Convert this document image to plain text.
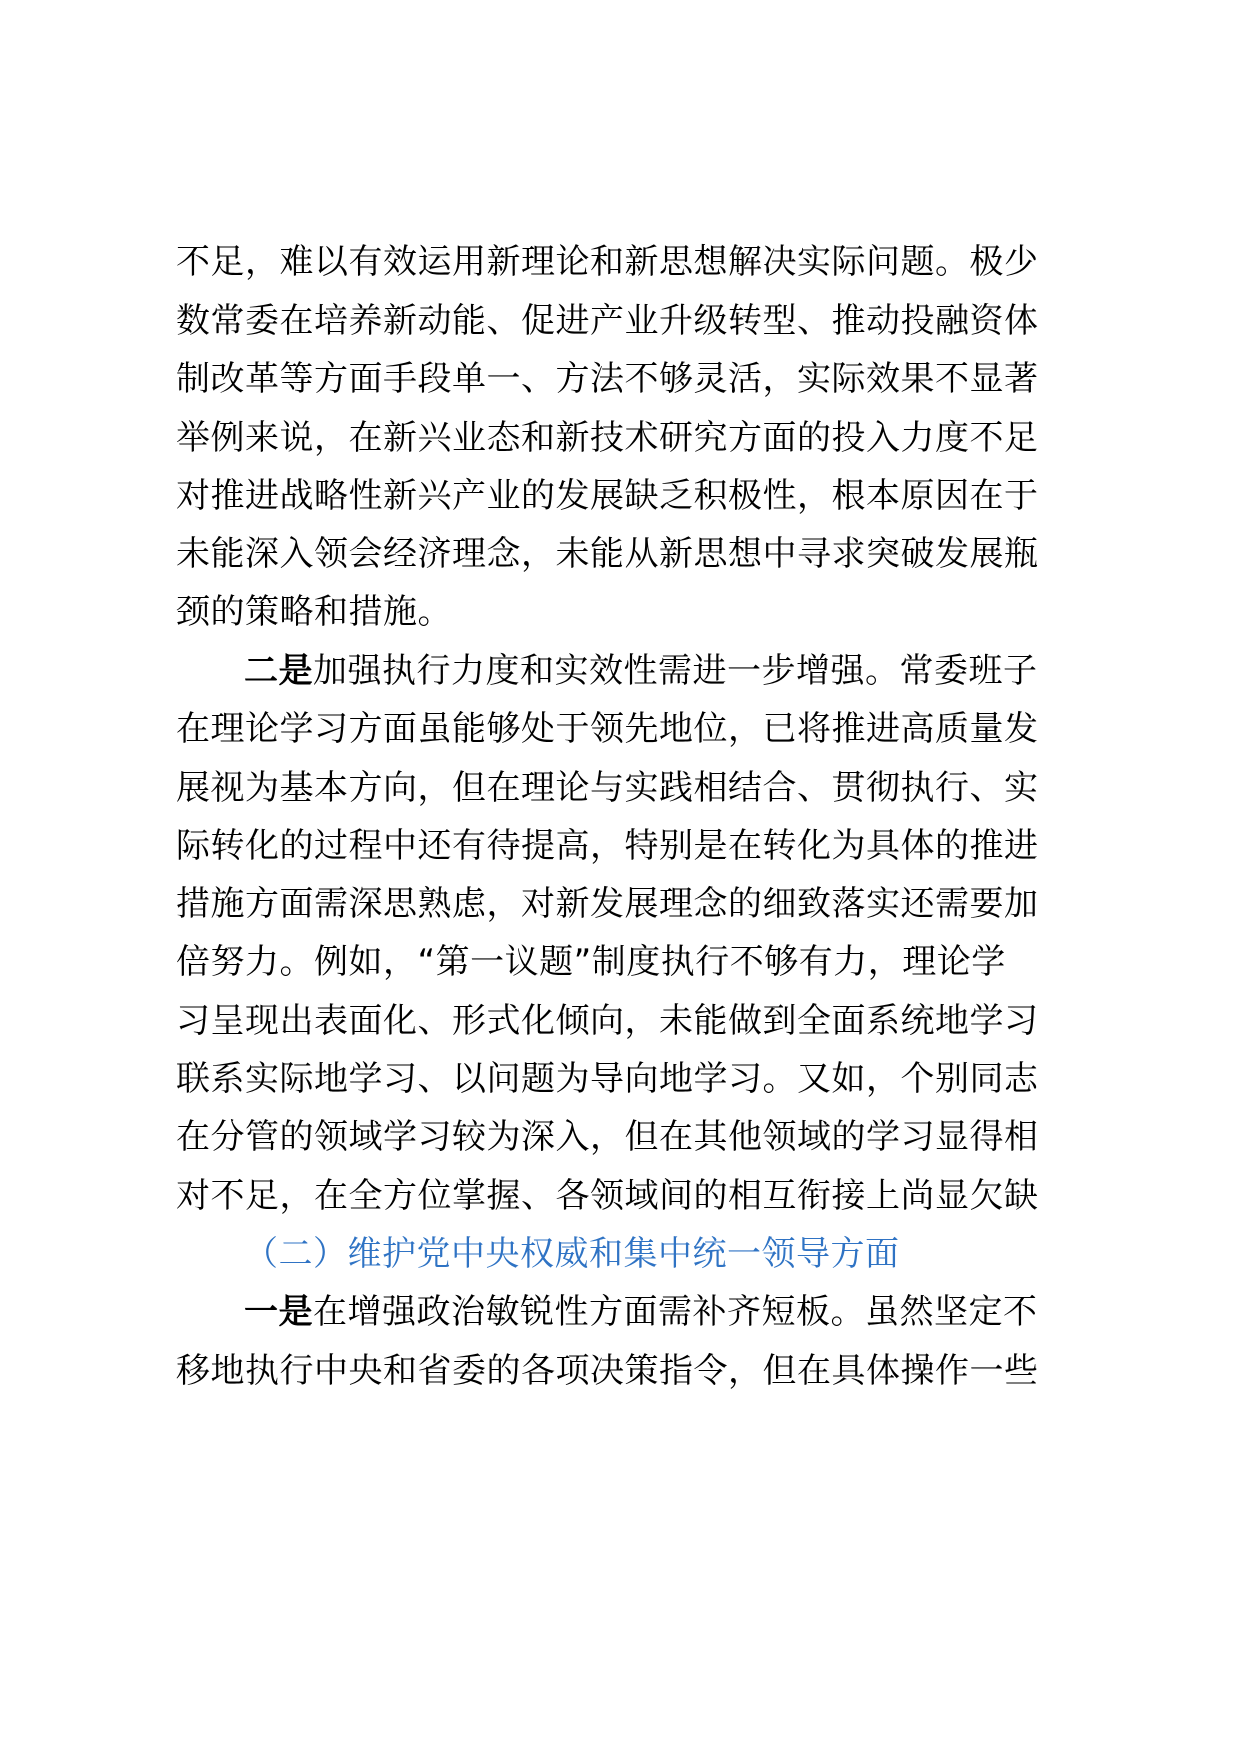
不足，难以有效运用新理论和新思想解决实际问题。极少
数常委在培养新动能、促进产业升级转型、推动投融资体
制改革等方面手段单一、方法不够灵活，实际效果不显著
举例来说，在新兴业态和新技术研究方面的投入力度不足
对推进战略性新兴产业的发展缺乏积极性，根本原因在于
未能深入领会经济理念，未能从新思想中寻求突破发展瓶
颈的策略和措施。
二是加强执行力度和实效性需进一步增强。常委班子
在理论学习方面虽能够处于领先地位，已将推进高质量发
展视为基本方向，但在理论与实践相结合、贯彻执行、实
际转化的过程中还有待提高，特别是在转化为具体的推进
措施方面需深思熟虑，对新发展理念的细致落实还需要加
倍努力。例如，“第一议题”制度执行不够有力，理论学
习呈现出表面化、形式化倾向，未能做到全面系统地学习
联系实际地学习、以问题为导向地学习。又如，个别同志
在分管的领域学习较为深入，但在其他领域的学习显得相
对不足，在全方位掌握、各领域间的相互衔接上尚显欠缺
（二）维护党中央权威和集中统一领导方面
一是在增强政治敏锐性方面需补齐短板。虽然坚定不
移地执行中央和省委的各项决策指令，但在具体操作一些
